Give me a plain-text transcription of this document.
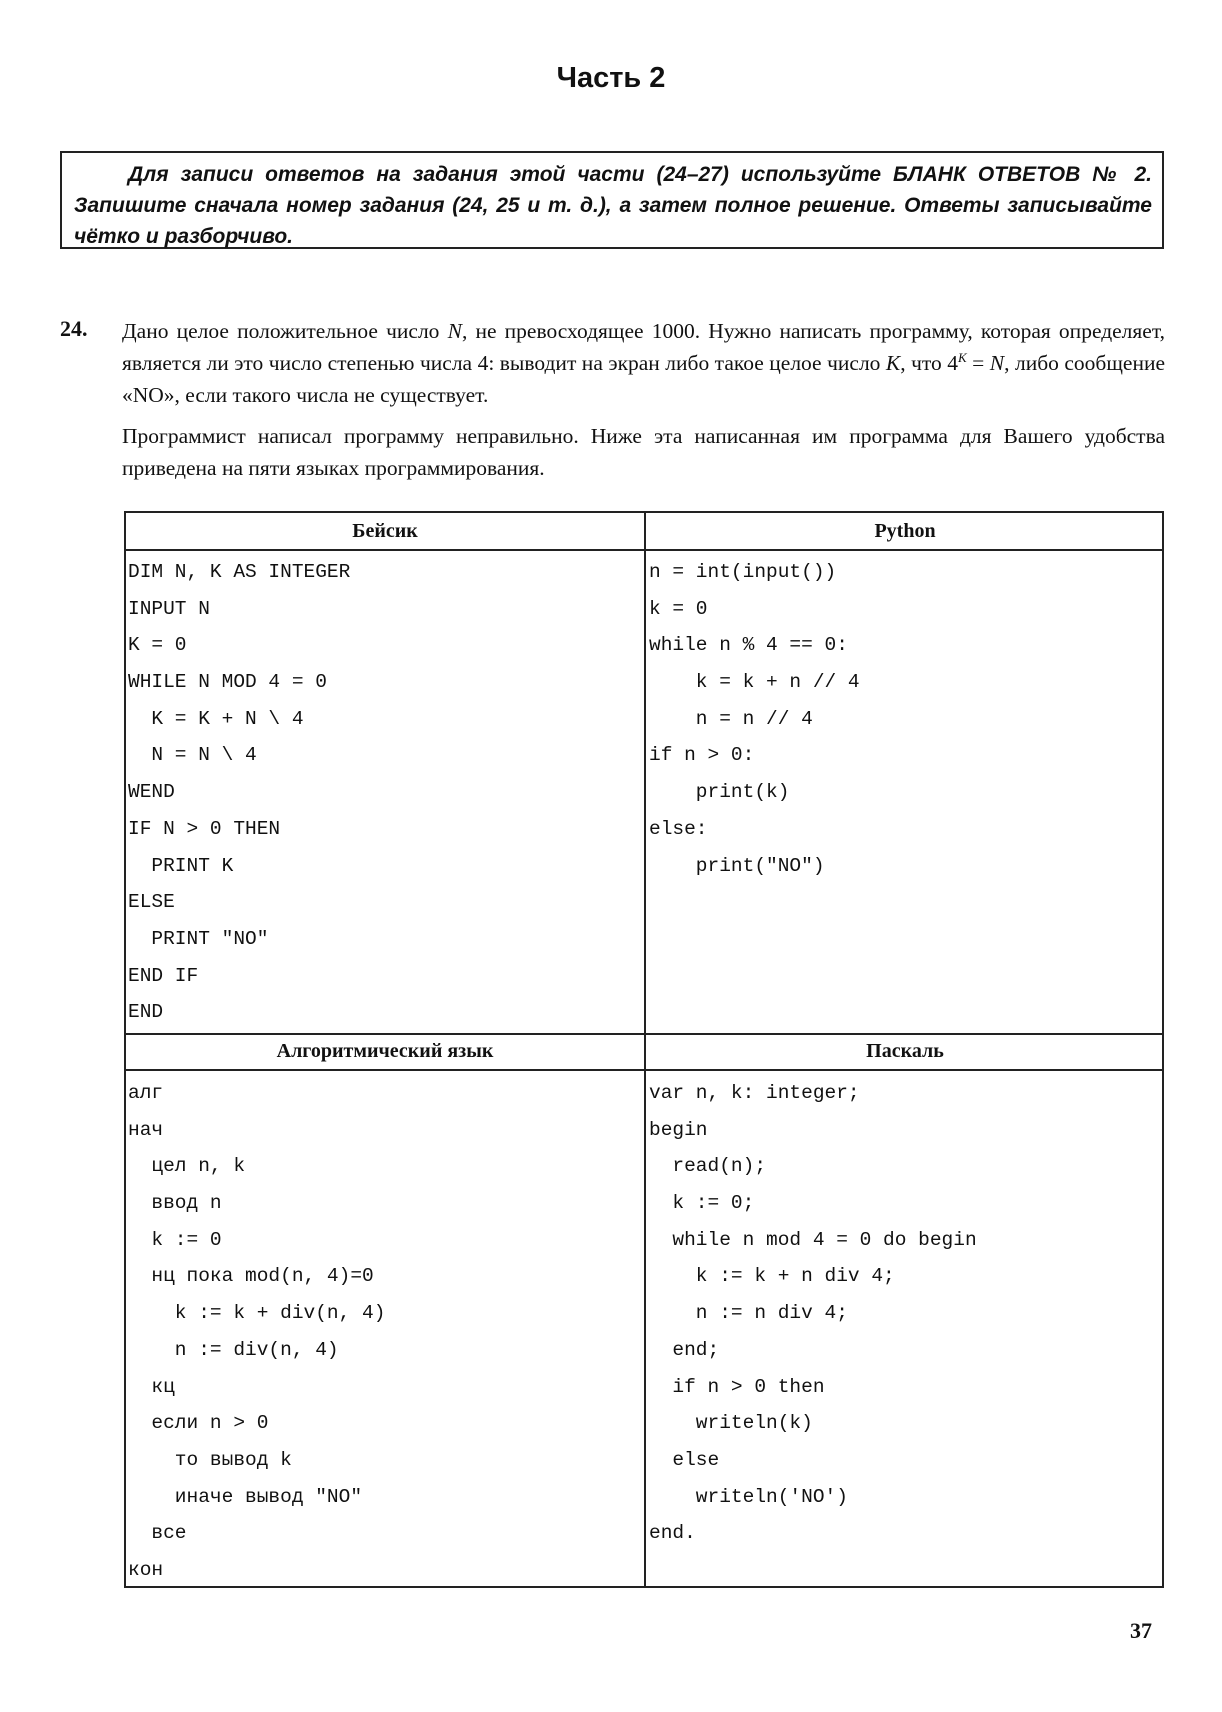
Часть 2
Для записи ответов на задания этой части (24–27) используйте БЛАНК ОТВЕТОВ № 2. Запишите сначала номер задания (24, 25 и т. д.), а затем полное решение. Ответы записывайте чётко и разборчиво.
24. Дано целое положительное число N, не превосходящее 1000. Нужно написать программу, которая определяет, является ли это число степенью числа 4: выводит на экран либо такое целое число K, что $4^K = N$, либо сообщение «NO», если такого числа не существует.
Программист написал программу неправильно. Ниже эта написанная им программа для Вашего удобства приведена на пяти языках программирования.
Бейсик	Python
Алгоритмический язык	Паскаль
DIM N, K AS INTEGER
INPUT N
K = 0
WHILE N MOD 4 = 0
K = K + N \ 4
N = N \ 4
WEND
IF N > 0 THEN
PRINT K
ELSE
PRINT "NO"
END IF
END
n = int(input())
k = 0
while n % 4 == 0:
k = k + n // 4
n = n // 4
if n > 0:
print(k)
else:
print("NO")
алг
нач
цел n, k
ввод n
k := 0
нц пока mod(n, 4)=0
k := k + div(n, 4)
n := div(n, 4)
кц
если n > 0
то вывод k
иначе вывод "NO"
все
кон
var n, k: integer;
begin
read(n);
k := 0;
while n mod 4 = 0 do begin
k := k + n div 4;
n := n div 4;
end;
if n > 0 then
writeln(k)
else
writeln('NO')
end.
37
